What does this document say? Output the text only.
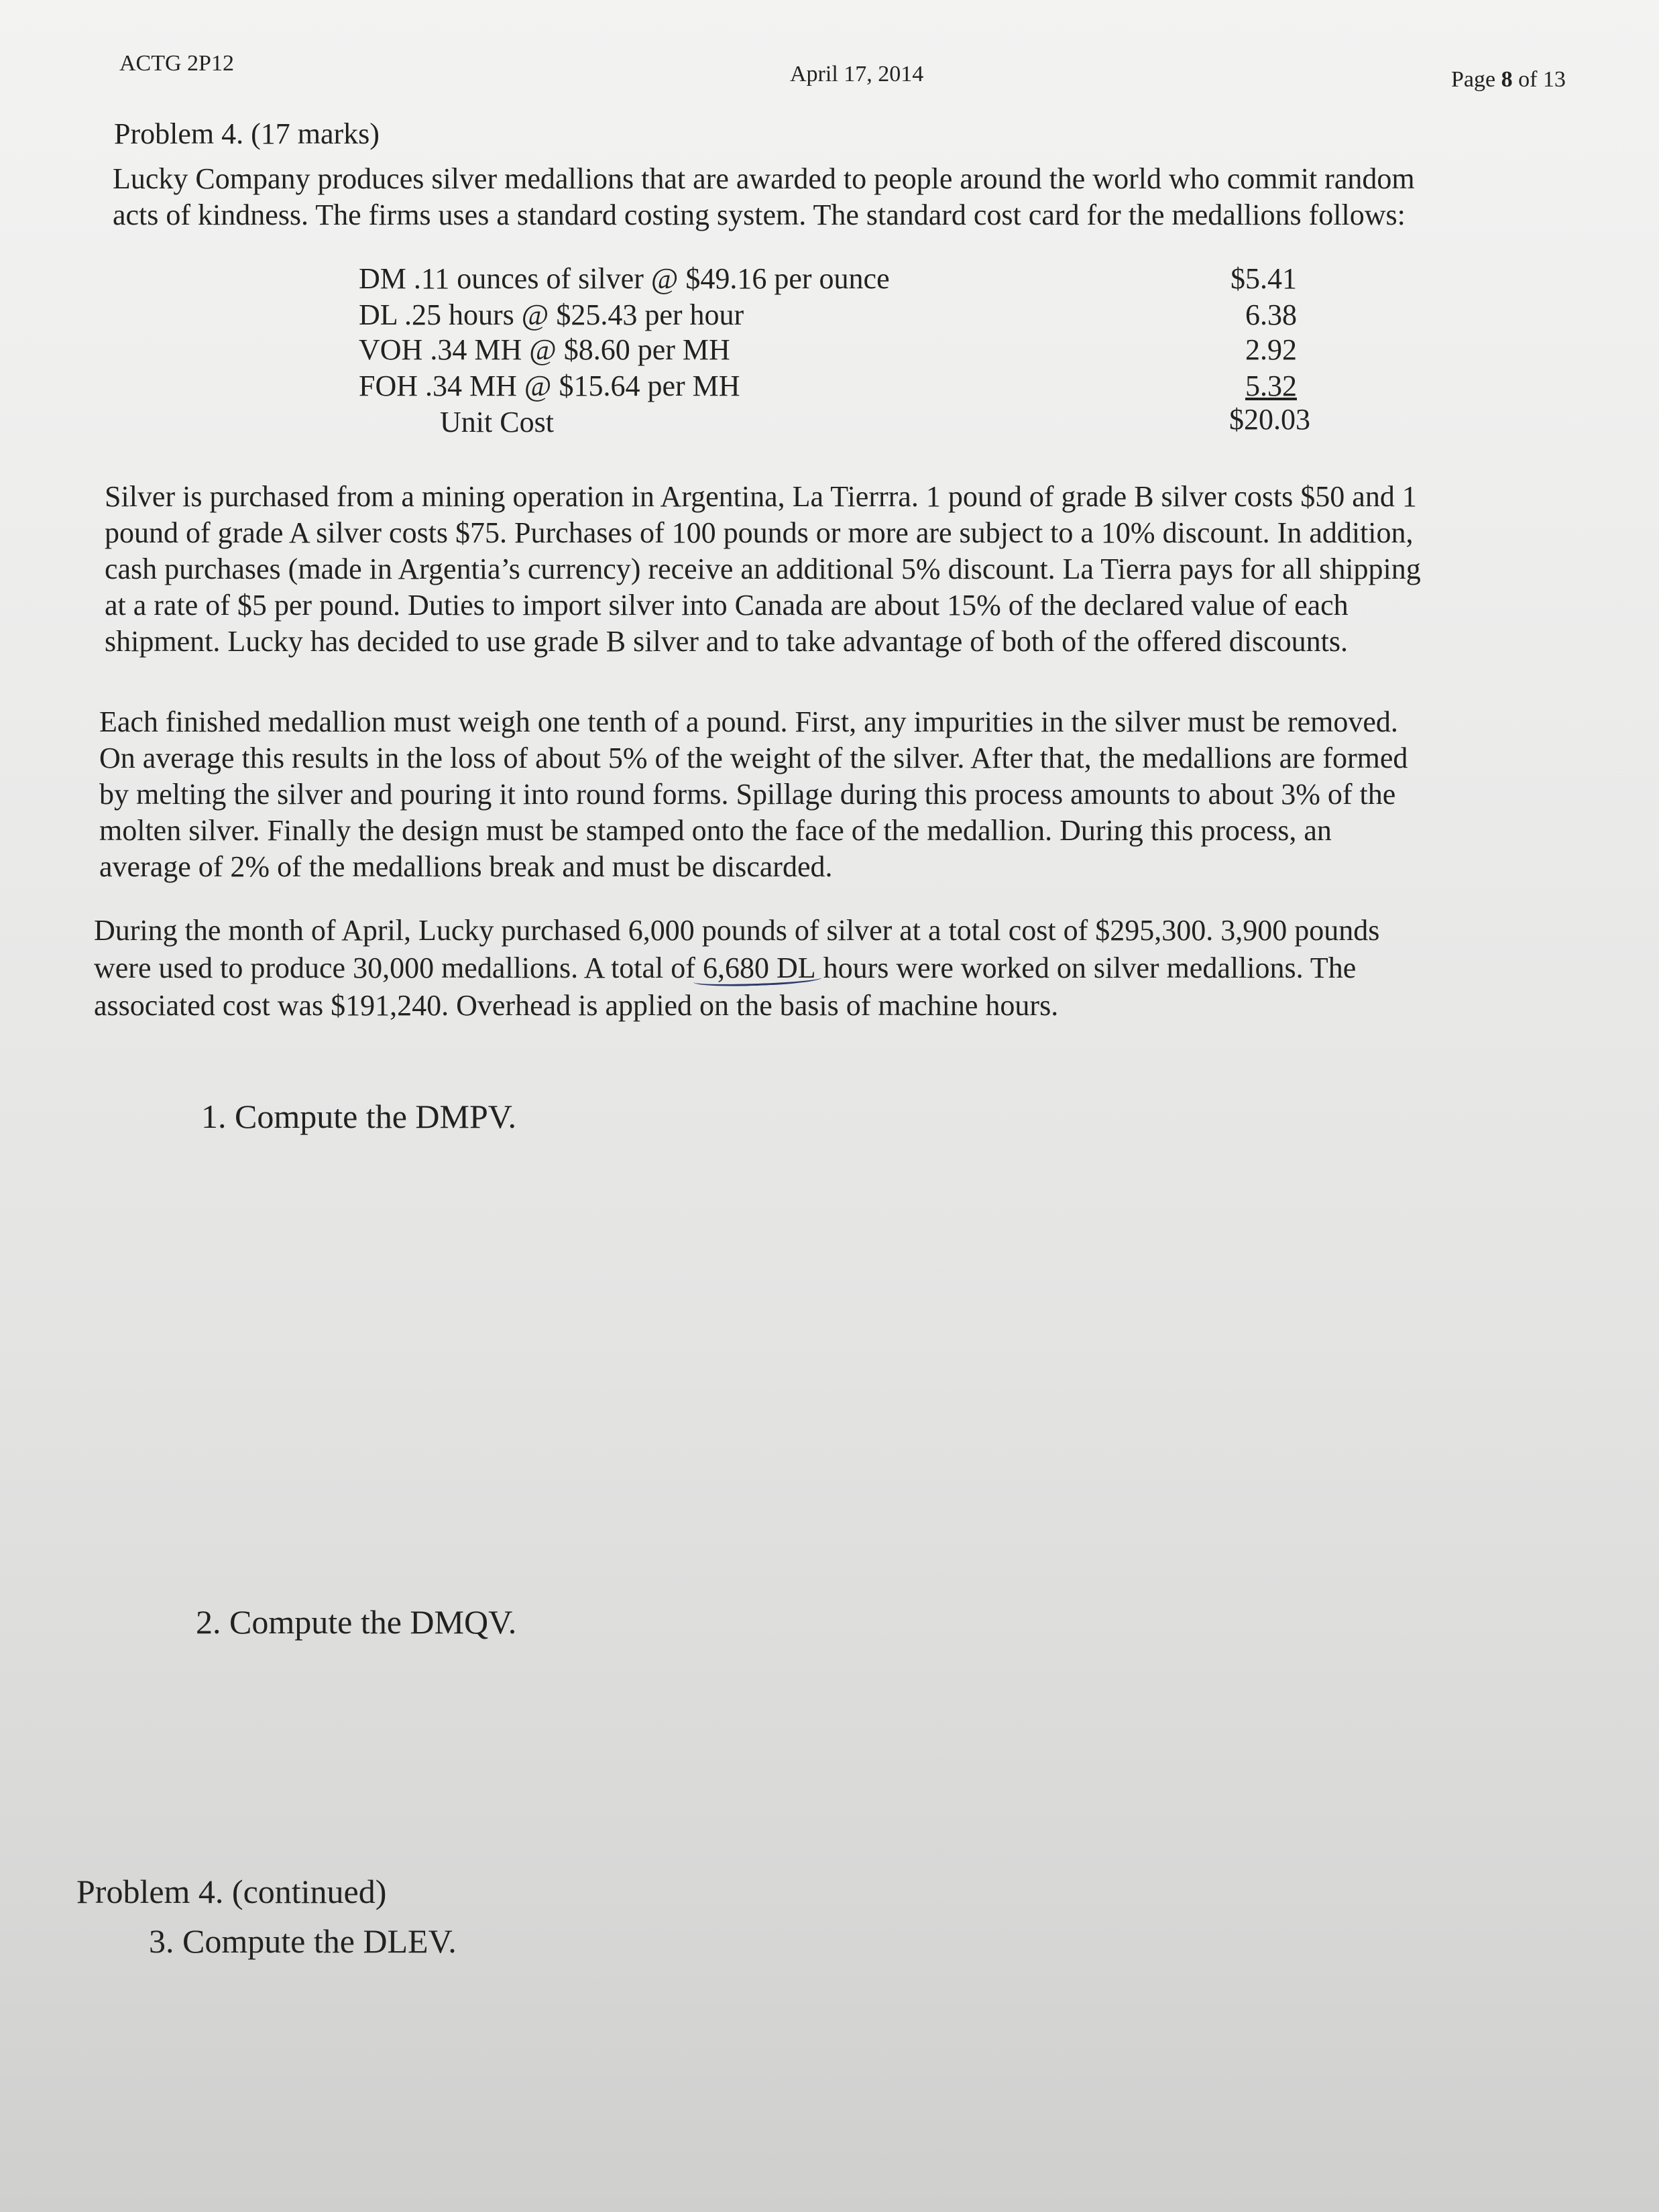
ACTG 2P12	April 17, 2014	Page 8 of 13
Problem 4. (17 marks)
Lucky Company produces silver medallions that are awarded to people around the world who commit random
acts of kindness. The firms uses a standard costing system. The standard cost card for the medallions follows:
DM .11 ounces of silver @ $49.16 per ounce	$5.41
DL .25 hours @ $25.43 per hour	6.38
VOH .34 MH @ $8.60 per MH	2.92
FOH .34 MH @ $15.64 per MH	5.32
Unit Cost	$20.03
Silver is purchased from a mining operation in Argentina, La Tierrra. 1 pound of grade B silver costs $50 and 1
pound of grade A silver costs $75. Purchases of 100 pounds or more are subject to a 10% discount. In addition,
cash purchases (made in Argentia’s currency) receive an additional 5% discount. La Tierra pays for all shipping
at a rate of $5 per pound. Duties to import silver into Canada are about 15% of the declared value of each
shipment. Lucky has decided to use grade B silver and to take advantage of both of the offered discounts.
Each finished medallion must weigh one tenth of a pound. First, any impurities in the silver must be removed.
On average this results in the loss of about 5% of the weight of the silver. After that, the medallions are formed
by melting the silver and pouring it into round forms. Spillage during this process amounts to about 3% of the
molten silver. Finally the design must be stamped onto the face of the medallion. During this process, an
average of 2% of the medallions break and must be discarded.
During the month of April, Lucky purchased 6,000 pounds of silver at a total cost of $295,300. 3,900 pounds
were used to produce 30,000 medallions. A total of 6,680 DL
hours were worked on silver medallions. The
associated cost was $191,240. Overhead is applied on the basis of machine hours.
1. Compute the DMPV.
2. Compute the DMQV.
Problem 4. (continued)
3. Compute the DLEV.
